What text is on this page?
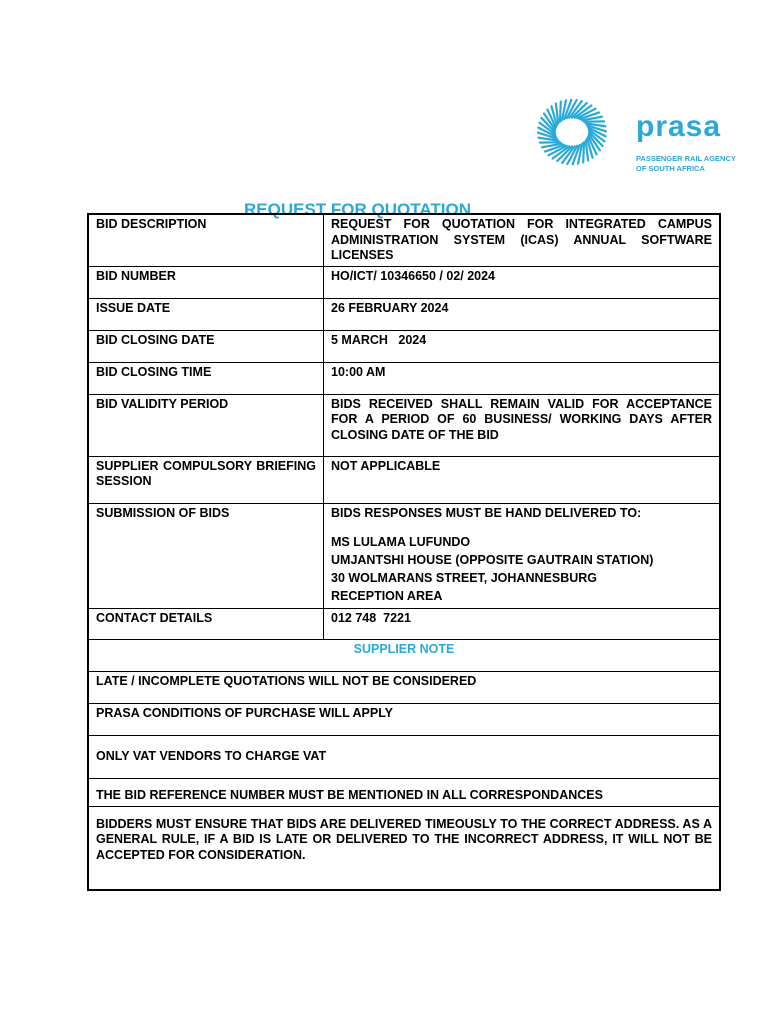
prasa
PASSENGER RAIL AGENCY
OF SOUTH AFRICA
REQUEST FOR QUOTATION
BID DESCRIPTION	REQUEST FOR QUOTATION FOR INTEGRATED CAMPUS ADMINISTRATION SYSTEM (ICAS) ANNUAL SOFTWARE LICENSES
BID NUMBER	HO/ICT/ 10346650 / 02/ 2024
ISSUE DATE	26 FEBRUARY 2024
BID CLOSING DATE	5 MARCH   2024
BID CLOSING TIME	10:00 AM
BID VALIDITY PERIOD	BIDS RECEIVED SHALL REMAIN VALID FOR ACCEPTANCE FOR A PERIOD OF 60 BUSINESS/ WORKING DAYS AFTER CLOSING DATE OF THE BID
SUPPLIER COMPULSORY BRIEFING SESSION	NOT APPLICABLE
SUBMISSION OF BIDS	BIDS RESPONSES MUST BE HAND DELIVERED TO:
MS LULAMA LUFUNDO
UMJANTSHI HOUSE (OPPOSITE GAUTRAIN STATION)
30 WOLMARANS STREET, JOHANNESBURG
RECEPTION AREA

CONTACT DETAILS	012 748  7221
SUPPLIER NOTE	
LATE / INCOMPLETE QUOTATIONS WILL NOT BE CONSIDERED	
PRASA CONDITIONS OF PURCHASE WILL APPLY	
ONLY VAT VENDORS TO CHARGE VAT	
THE BID REFERENCE NUMBER MUST BE MENTIONED IN ALL CORRESPONDANCES	
BIDDERS MUST ENSURE THAT BIDS ARE DELIVERED TIMEOUSLY TO THE CORRECT ADDRESS. AS A GENERAL RULE, IF A BID IS LATE OR DELIVERED TO THE INCORRECT ADDRESS, IT WILL NOT BE ACCEPTED FOR CONSIDERATION.	
